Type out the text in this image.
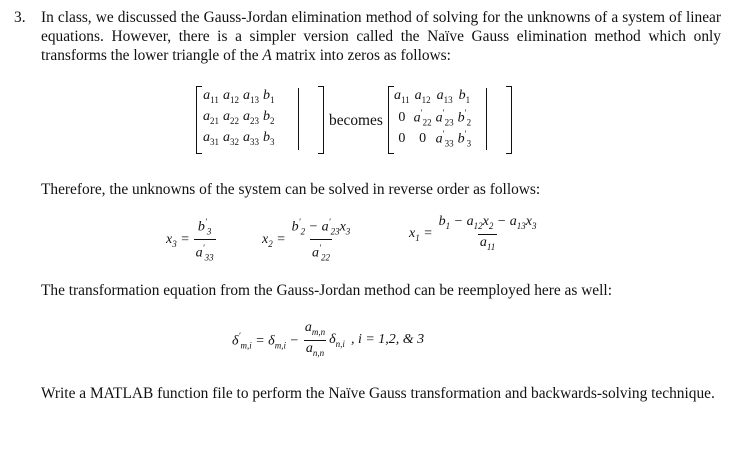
3. In class, we discussed the Gauss-Jordan elimination method of solving for the unknowns of a system of linear equations. However, there is a simpler version called the Naïve Gauss elimination method which only transforms the lower triangle of the A matrix into zeros as follows:
$a_{11}$	$a_{12}$	$a_{13}$	$b_1$
$a_{21}$	$a_{22}$	$a_{23}$	$b_2$
$a_{31}$	$a_{32}$	$a_{33}$	$b_3$
becomes
$a_{11}$	$a_{12}$	$a_{13}$	$b_1$
0	$a'_{22}$	$a'_{23}$	$b'_2$
0	0	$a'_{33}$	$b'_3$
Therefore, the unknowns of the system can be solved in reverse order as follows:
$x_3 = \frac{b'_3}{a'_{33}}$	$x_2 = \frac{b'_2 - a'_{23}x_3}{a'_{22}}$	$x_1 = \frac{b_1 - a_{12}x_2 - a_{13}x_3}{a_{11}}$
The transformation equation from the Gauss-Jordan method can be reemployed here as well:
$\delta'_{m,i} = \delta_{m,i} - \frac{a_{m,n}}{a_{n,n}} \delta_{n,i}$ , i = 1,2, & 3
Write a MATLAB function file to perform the Naïve Gauss transformation and backwards-solving technique.
